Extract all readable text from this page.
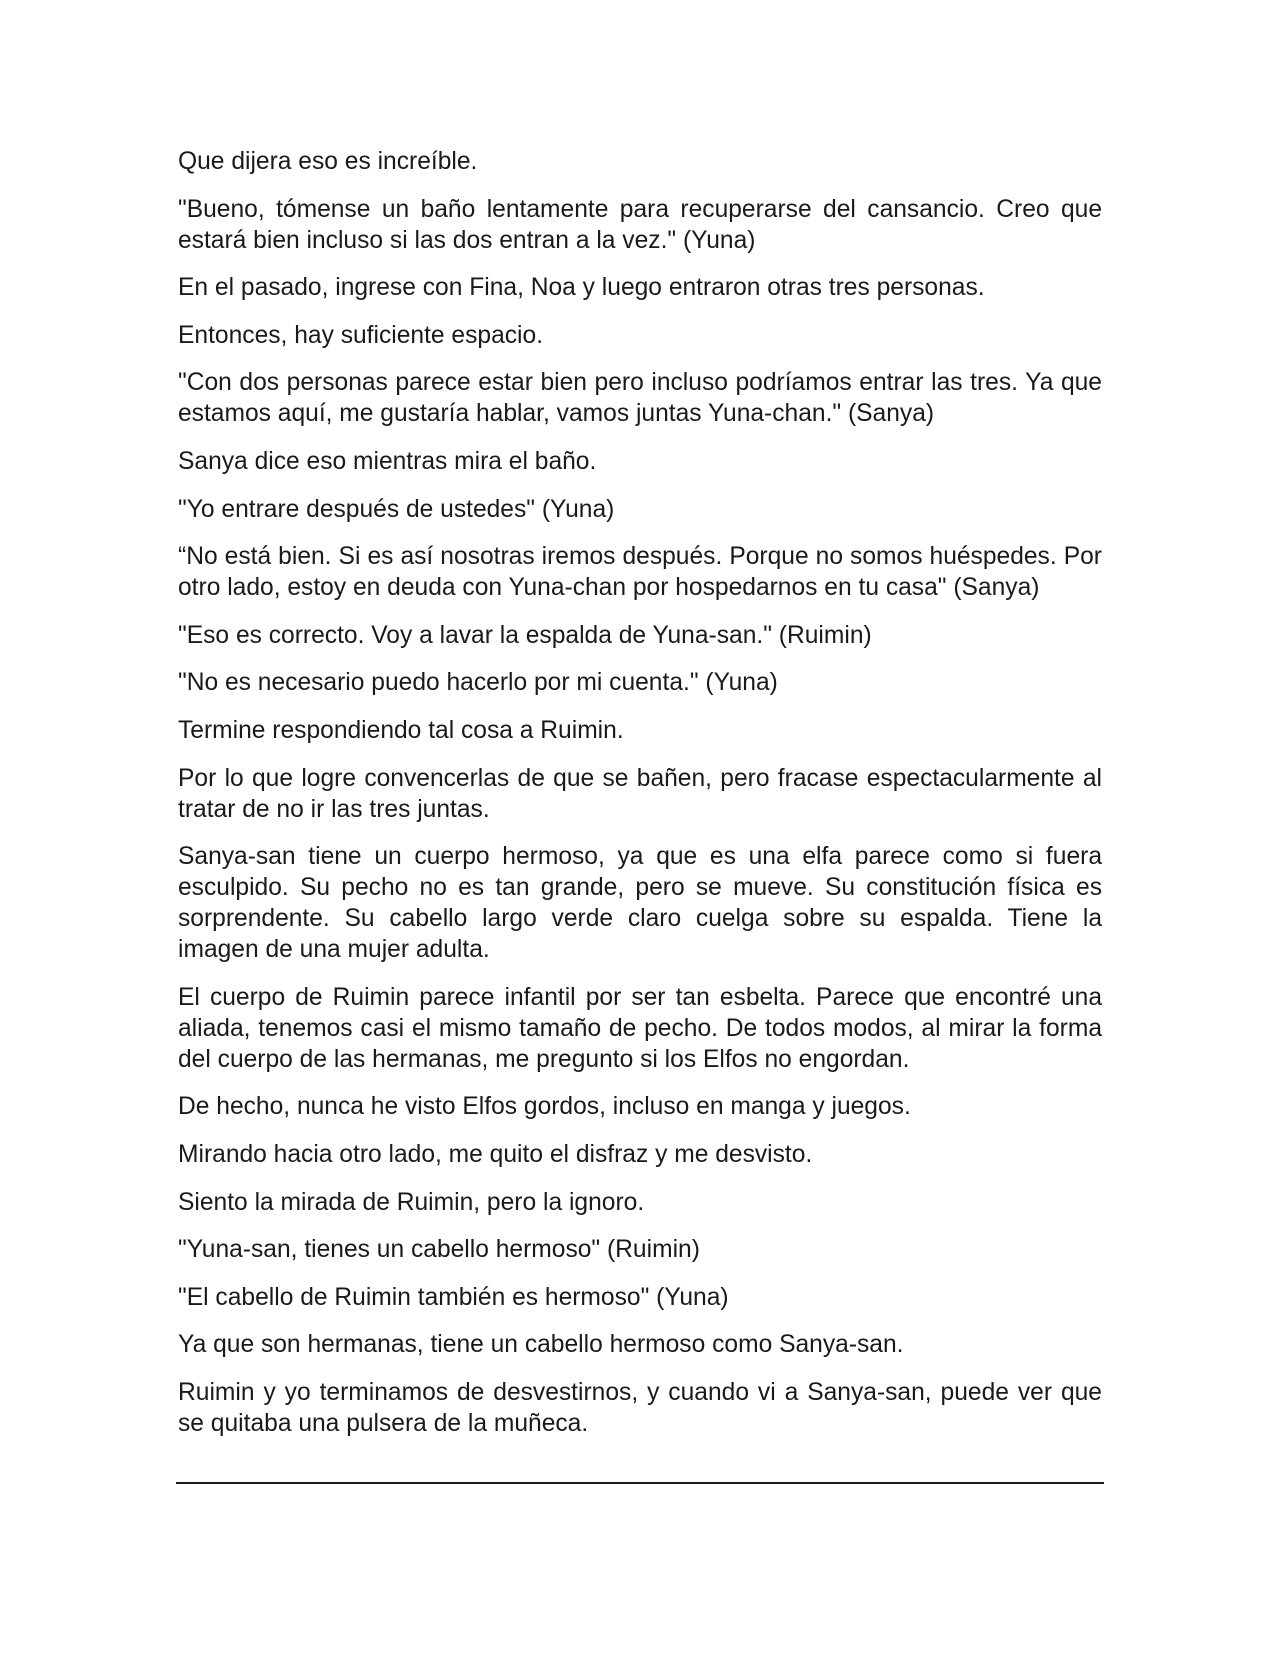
Que dijera eso es increíble.

"Bueno, tómense un baño lentamente para recuperarse del cansancio. Creo que estará bien incluso si las dos entran a la vez." (Yuna)

En el pasado, ingrese con Fina, Noa y luego entraron otras tres personas.

Entonces, hay suficiente espacio.

"Con dos personas parece estar bien pero incluso podríamos entrar las tres. Ya que estamos aquí, me gustaría hablar, vamos juntas Yuna-chan." (Sanya)

Sanya dice eso mientras mira el baño.

"Yo entrare después de ustedes" (Yuna)

“No está bien. Si es así nosotras iremos después. Porque no somos huéspedes. Por otro lado, estoy en deuda con Yuna-chan por hospedarnos en tu casa" (Sanya)

"Eso es correcto. Voy a lavar la espalda de Yuna-san." (Ruimin)

"No es necesario puedo hacerlo por mi cuenta." (Yuna)

Termine respondiendo tal cosa a Ruimin.

Por lo que logre convencerlas de que se bañen, pero fracase espectacularmente al tratar de no ir las tres juntas.

Sanya-san tiene un cuerpo hermoso, ya que es una elfa parece como si fuera esculpido. Su pecho no es tan grande, pero se mueve. Su constitución física es sorprendente. Su cabello largo verde claro cuelga sobre su espalda. Tiene la imagen de una mujer adulta.

El cuerpo de Ruimin parece infantil por ser tan esbelta. Parece que encontré una aliada, tenemos casi el mismo tamaño de pecho. De todos modos, al mirar la forma del cuerpo de las hermanas, me pregunto si los Elfos no engordan.

De hecho, nunca he visto Elfos gordos, incluso en manga y juegos.

Mirando hacia otro lado, me quito el disfraz y me desvisto.

Siento la mirada de Ruimin, pero la ignoro.

"Yuna-san, tienes un cabello hermoso" (Ruimin)

"El cabello de Ruimin también es hermoso" (Yuna)

Ya que son hermanas, tiene un cabello hermoso como Sanya-san.

Ruimin y yo terminamos de desvestirnos, y cuando vi a Sanya-san, puede ver que se quitaba una pulsera de la muñeca.
